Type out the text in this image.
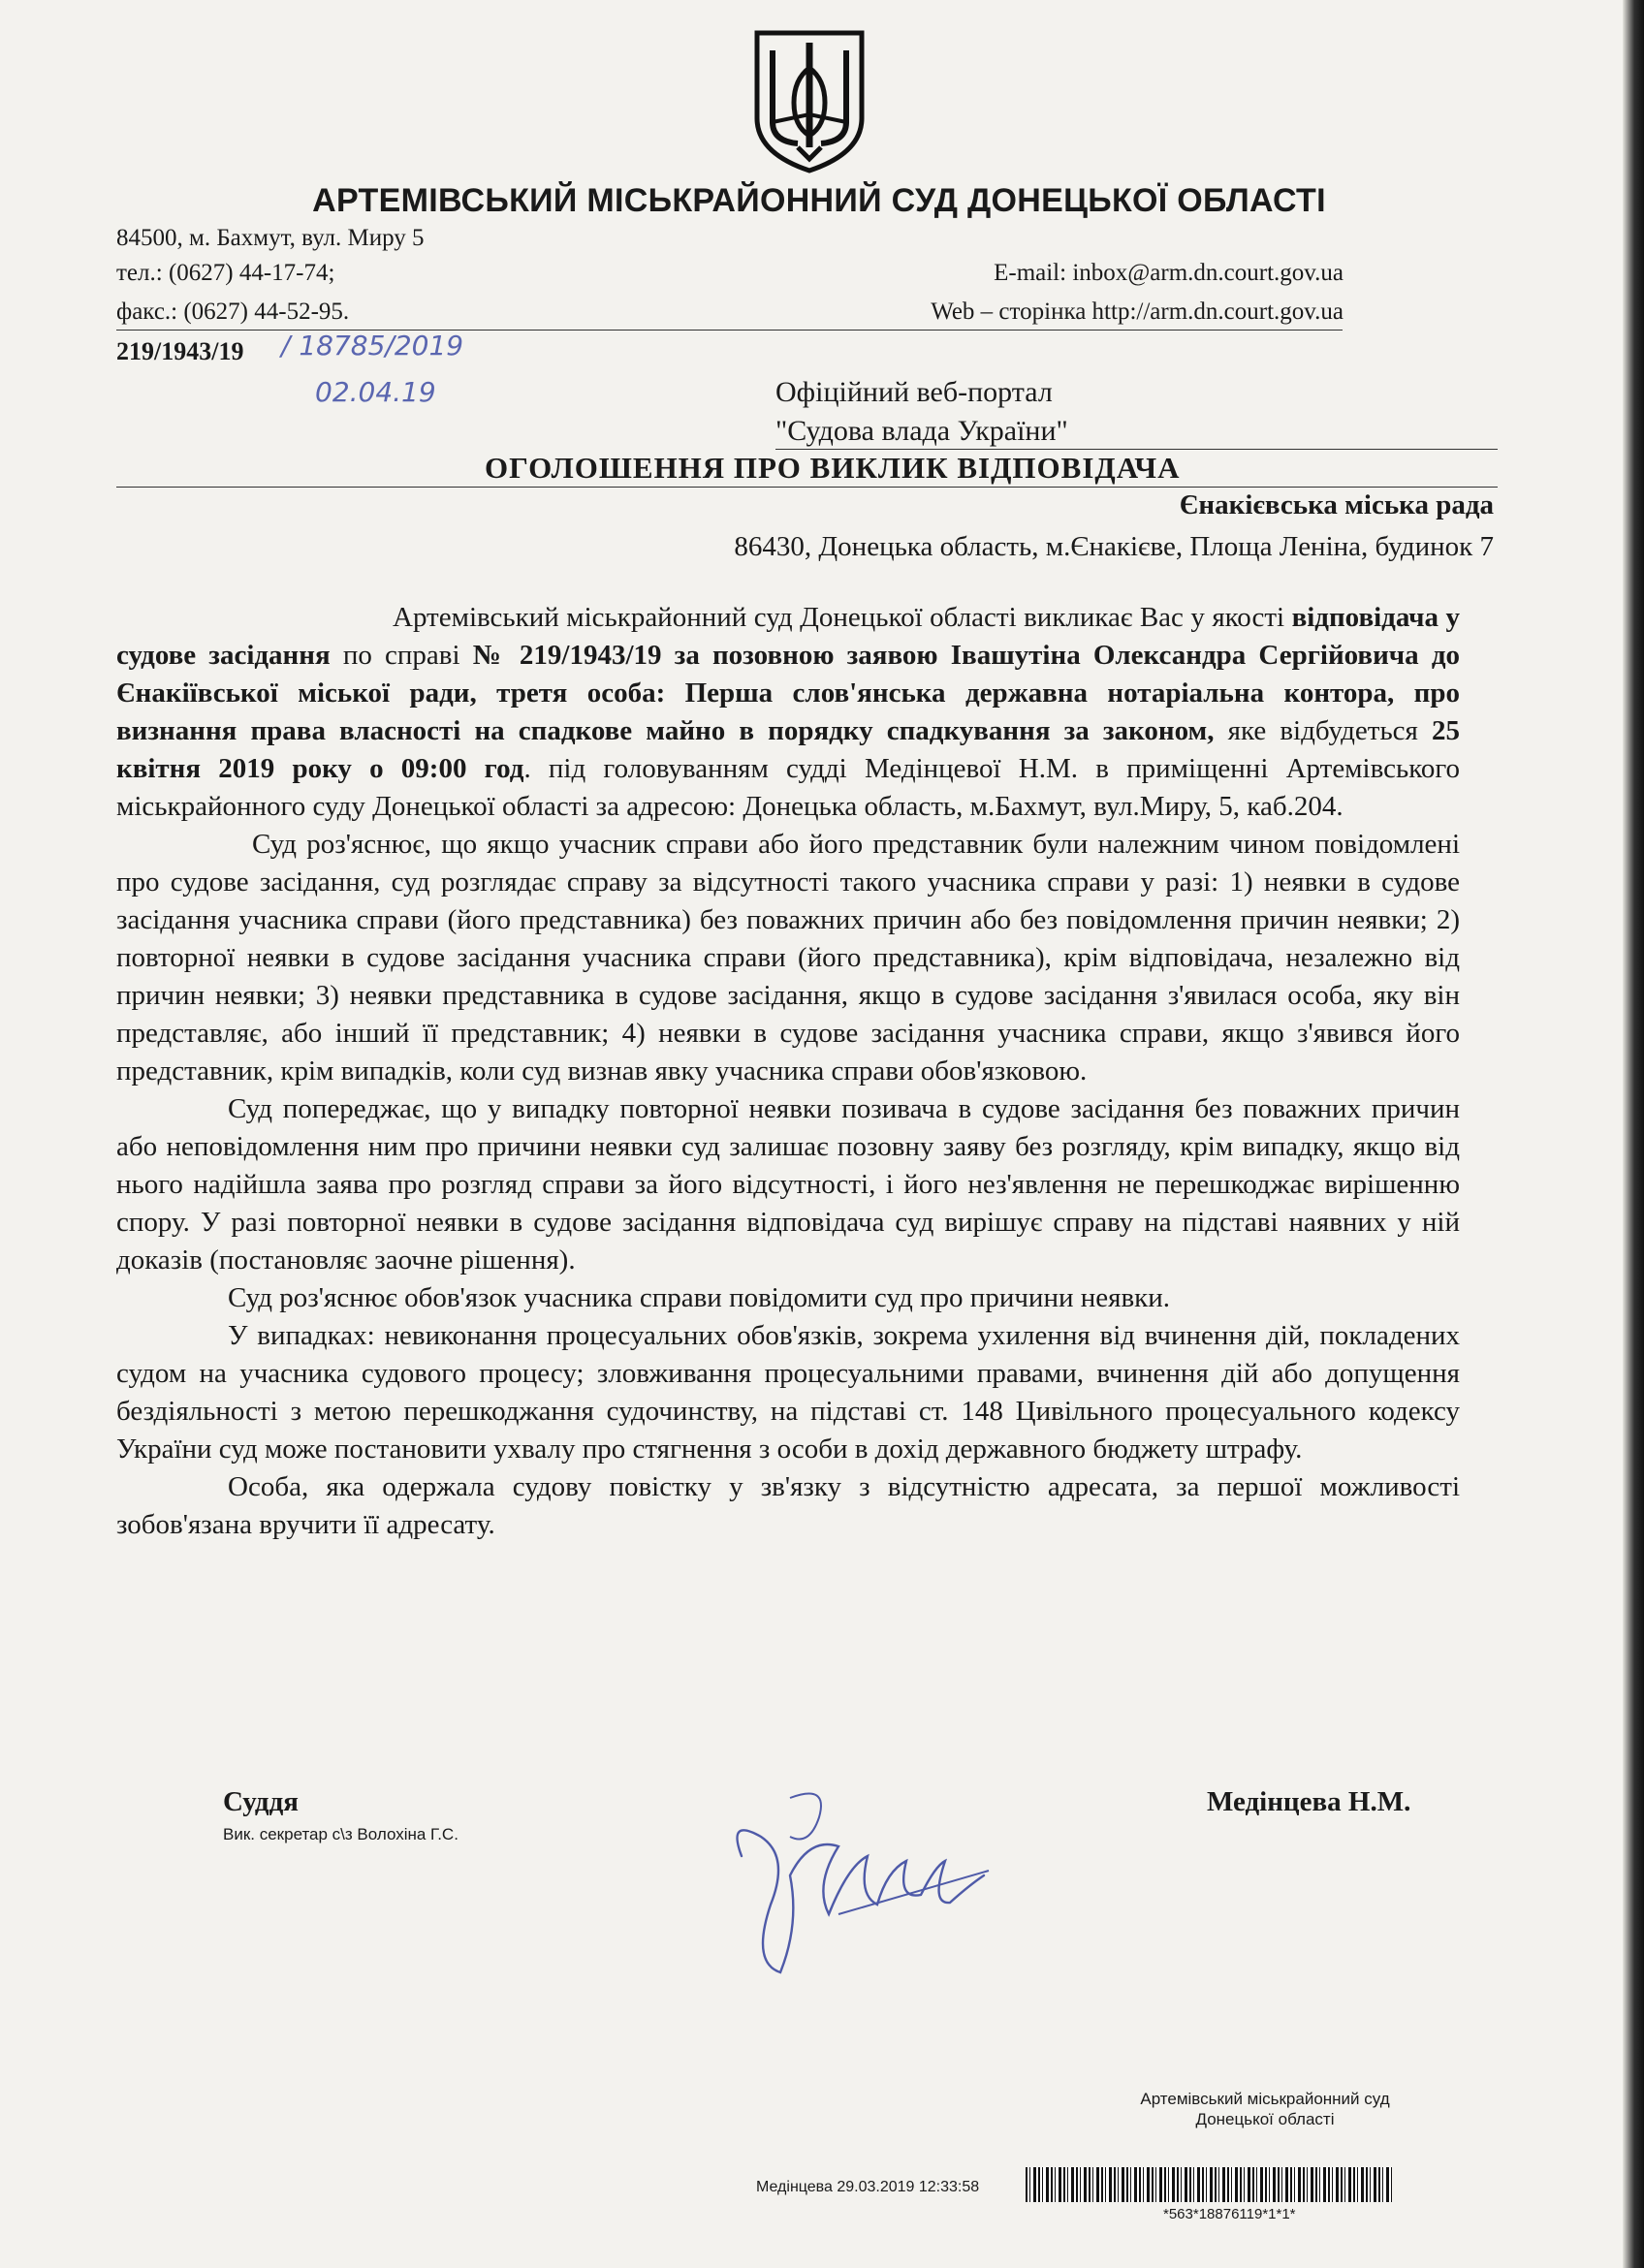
АРТЕМІВСЬКИЙ МІСЬКРАЙОННИЙ СУД ДОНЕЦЬКОЇ ОБЛАСТІ
84500, м. Бахмут, вул. Миру 5
тел.: (0627) 44-17-74;
факс.: (0627) 44-52-95.
E-mail: inbox@arm.dn.court.gov.ua
Web – сторінка http://arm.dn.court.gov.ua
219/1943/19 / 18785/2019
02.04.19	Офіційний веб-портал
"Судова влада України"
ОГОЛОШЕННЯ ПРО ВИКЛИК ВІДПОВІДАЧА
Єнакієвська міська рада
86430, Донецька область, м.Єнакієве, Площа Леніна, будинок 7

Артемівський міськрайонний суд Донецької області викликає Вас у якості відповідача у судове засідання по справі № 219/1943/19 за позовною заявою Івашутіна Олександра Сергійовича до Єнакіївської міської ради, третя особа: Перша слов'янська державна нотаріальна контора, про визнання права власності на спадкове майно в порядку спадкування за законом, яке відбудеться 25 квітня 2019 року о 09:00 год. під головуванням судді Медінцевої Н.М. в приміщенні Артемівського міськрайонного суду Донецької області за адресою: Донецька область, м.Бахмут, вул.Миру, 5, каб.204.

Суд роз'яснює, що якщо учасник справи або його представник були належним чином повідомлені про судове засідання, суд розглядає справу за відсутності такого учасника справи у разі: 1) неявки в судове засідання учасника справи (його представника) без поважних причин або без повідомлення причин неявки; 2) повторної неявки в судове засідання учасника справи (його представника), крім відповідача, незалежно від причин неявки; 3) неявки представника в судове засідання, якщо в судове засідання з'явилася особа, яку він представляє, або інший її представник; 4) неявки в судове засідання учасника справи, якщо з'явився його представник, крім випадків, коли суд визнав явку учасника справи обов'язковою.

Суд попереджає, що у випадку повторної неявки позивача в судове засідання без поважних причин або неповідомлення ним про причини неявки суд залишає позовну заяву без розгляду, крім випадку, якщо від нього надійшла заява про розгляд справи за його відсутності, і його нез'явлення не перешкоджає вирішенню спору. У разі повторної неявки в судове засідання відповідача суд вирішує справу на підставі наявних у ній доказів (постановляє заочне рішення).

Суд роз'яснює обов'язок учасника справи повідомити суд про причини неявки.

У випадках: невиконання процесуальних обов'язків, зокрема ухилення від вчинення дій, покладених судом на учасника судового процесу; зловживання процесуальними правами, вчинення дій або допущення бездіяльності з метою перешкоджання судочинству, на підставі ст. 148 Цивільного процесуального кодексу України суд може постановити ухвалу про стягнення з особи в дохід державного бюджету штрафу.

Особа, яка одержала судову повістку у зв'язку з відсутністю адресата, за першої можливості зобов'язана вручити її адресату.

Суддя
Вик. секретар с\з Волохіна Г.С.
Медінцева Н.М.
Артемівський міськрайонний суд
Донецької області
Медінцева 29.03.2019 12:33:58
*563*18876119*1*1*
